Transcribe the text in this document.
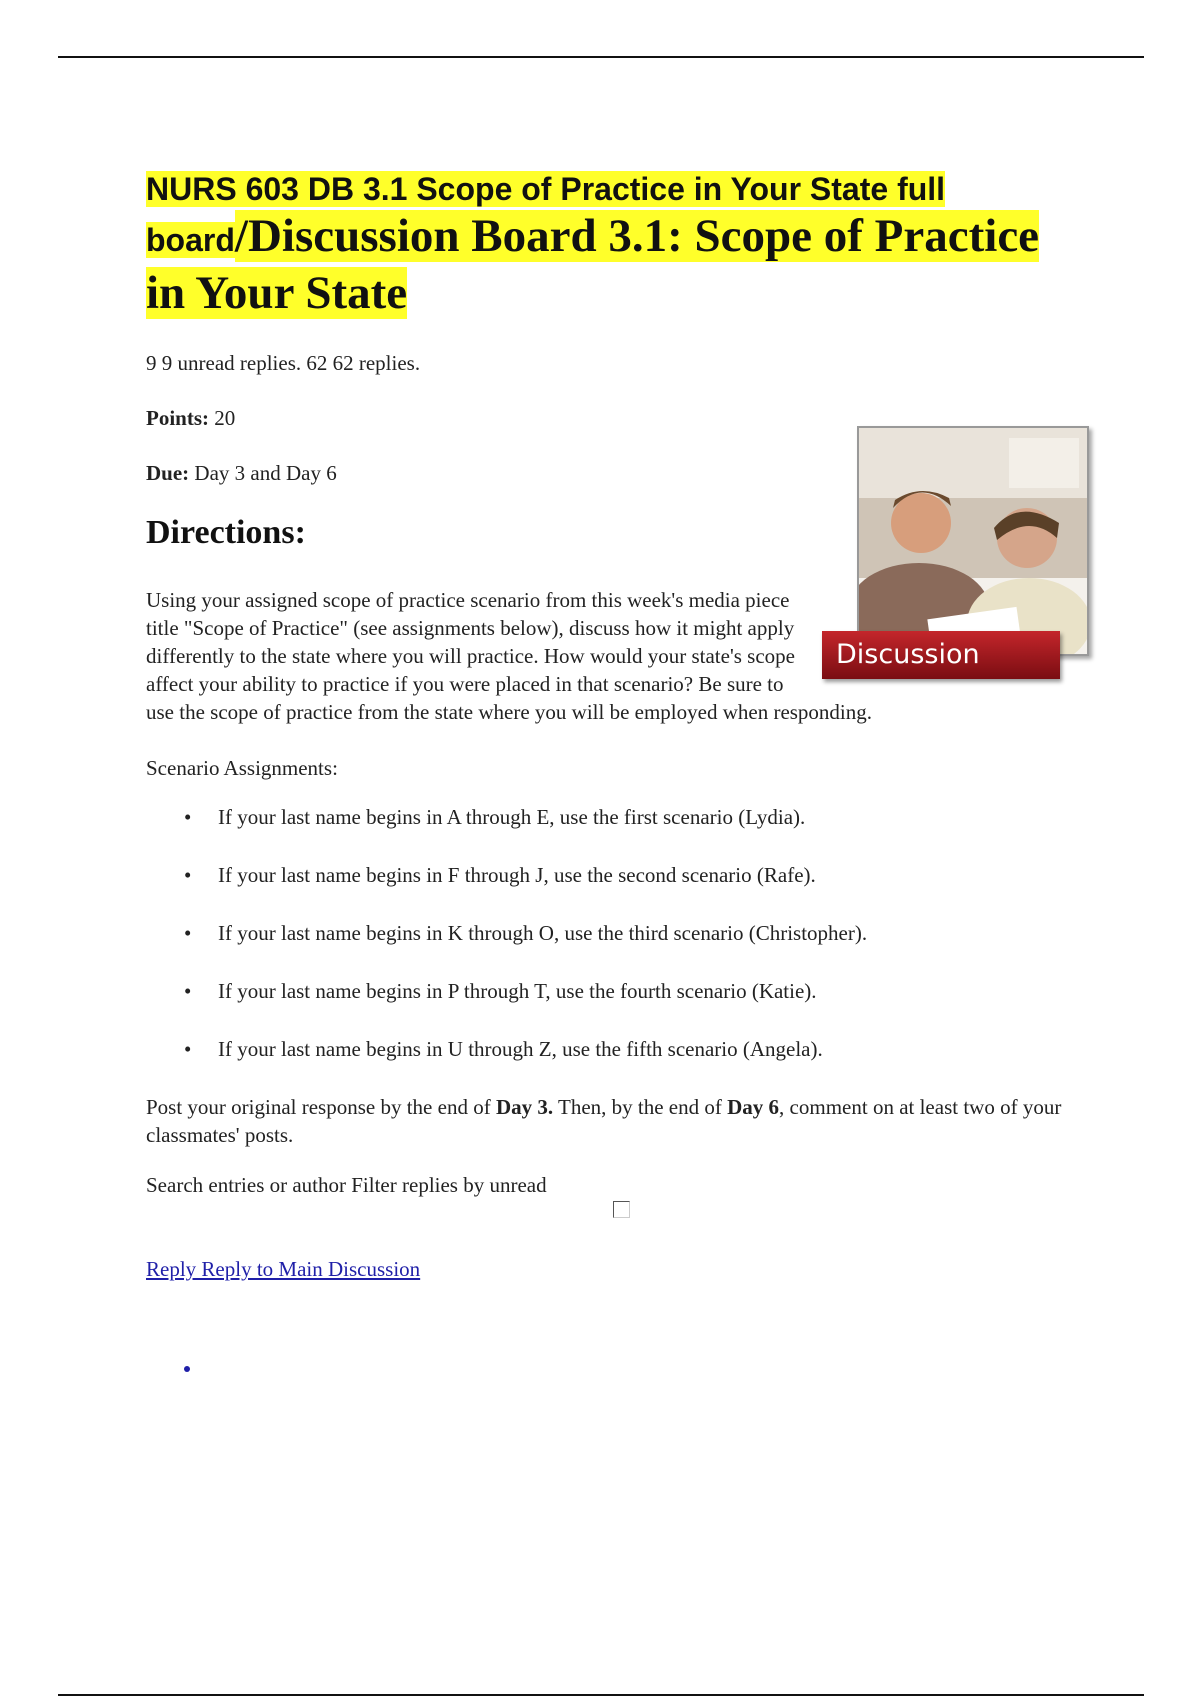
NURS 603 DB 3.1 Scope of Practice in Your State full board/Discussion Board 3.1: Scope of Practice in Your State

9 9 unread replies. 62 62 replies.

Points: 20

Due: Day 3 and Day 6

Directions:
Discussion
Using your assigned scope of practice scenario from this week's media piece title "Scope of Practice" (see assignments below), discuss how it might apply differently to the state where you will practice. How would your state's scope affect your ability to practice if you were placed in that scenario? Be sure to use the scope of practice from the state where you will be employed when responding.

Scenario Assignments:

• If your last name begins in A through E, use the first scenario (Lydia).
• If your last name begins in F through J, use the second scenario (Rafe).
• If your last name begins in K through O, use the third scenario (Christopher).
• If your last name begins in P through T, use the fourth scenario (Katie).
• If your last name begins in U through Z, use the fifth scenario (Angela).

Post your original response by the end of Day 3. Then, by the end of Day 6, comment on at least two of your classmates' posts.

Search entries or author Filter replies by unread
Reply Reply to Main Discussion
